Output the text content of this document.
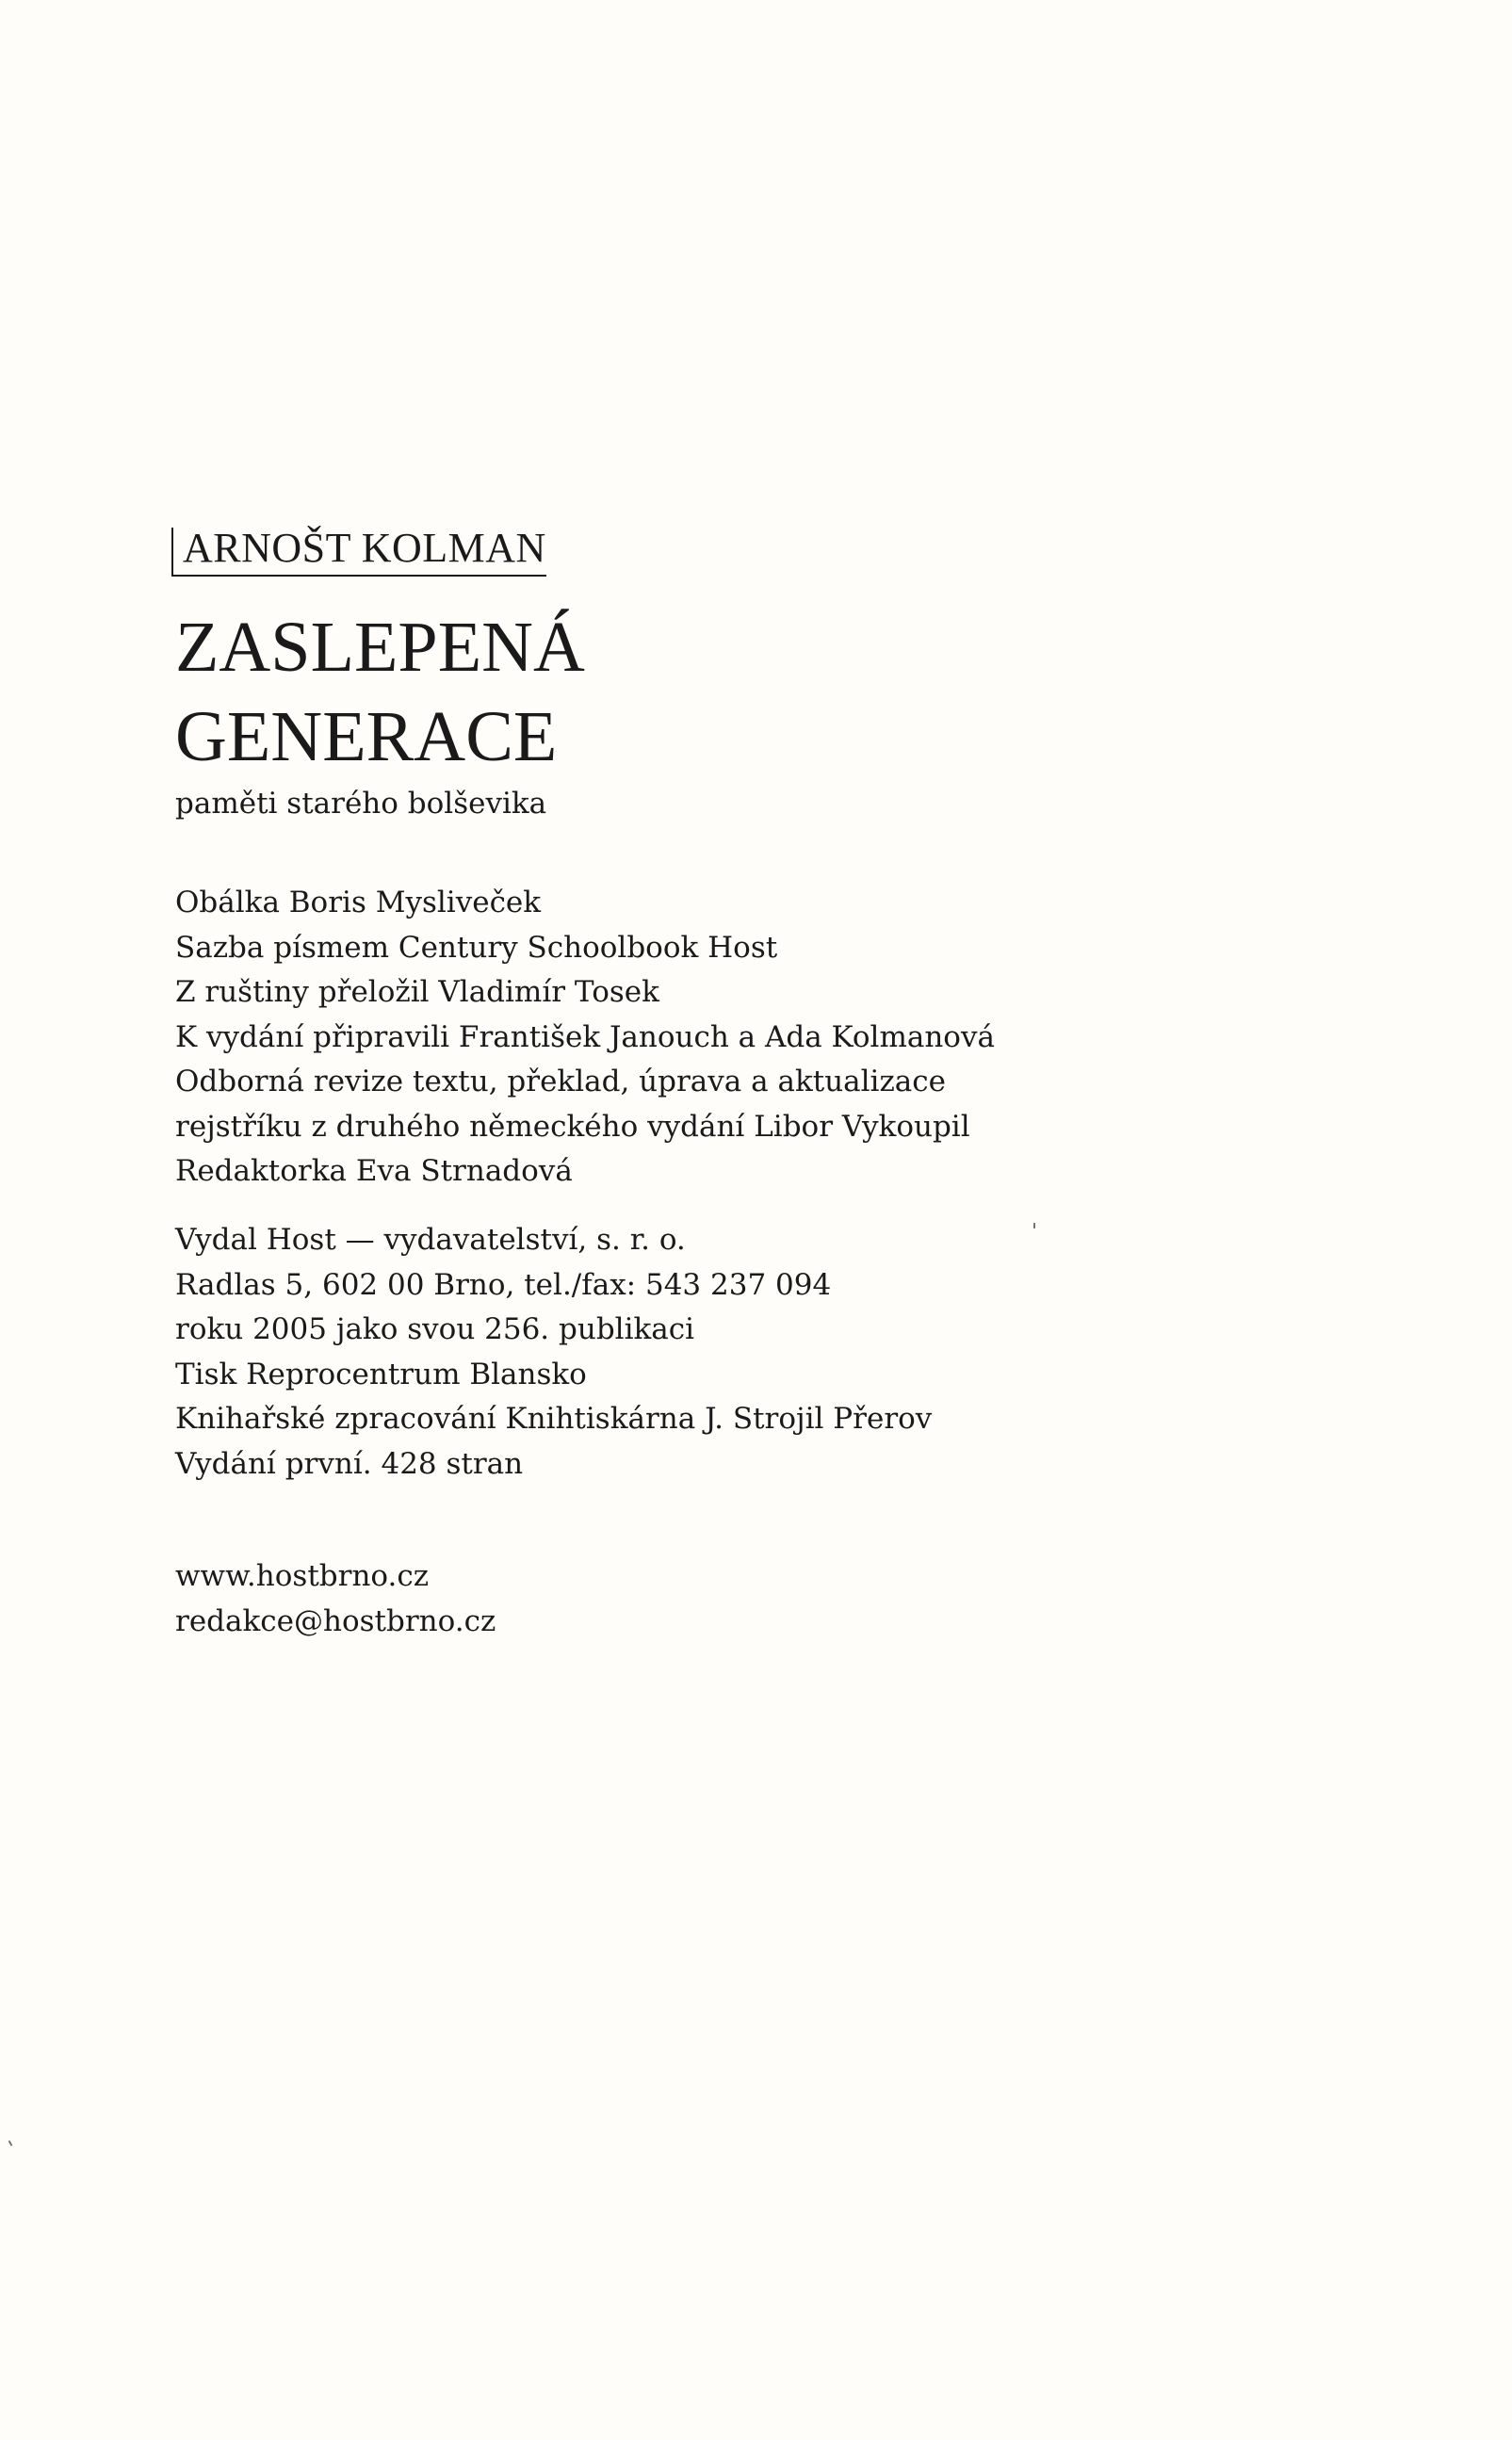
ARNOŠT KOLMAN
ZASLEPENÁ
GENERACE
paměti starého bolševika
Obálka Boris Mysliveček
Sazba písmem Century Schoolbook Host
Z ruštiny přeložil Vladimír Tosek
K vydání připravili František Janouch a Ada Kolmanová
Odborná revize textu, překlad, úprava a aktualizace
rejstříku z druhého německého vydání Libor Vykoupil
Redaktorka Eva Strnadová
Vydal Host — vydavatelství, s. r. o.
Radlas 5, 602 00 Brno, tel./fax: 543 237 094
roku 2005 jako svou 256. publikaci
Tisk Reprocentrum Blansko
Knihařské zpracování Knihtiskárna J. Strojil Přerov
Vydání první. 428 stran
www.hostbrno.cz
redakce@hostbrno.cz
